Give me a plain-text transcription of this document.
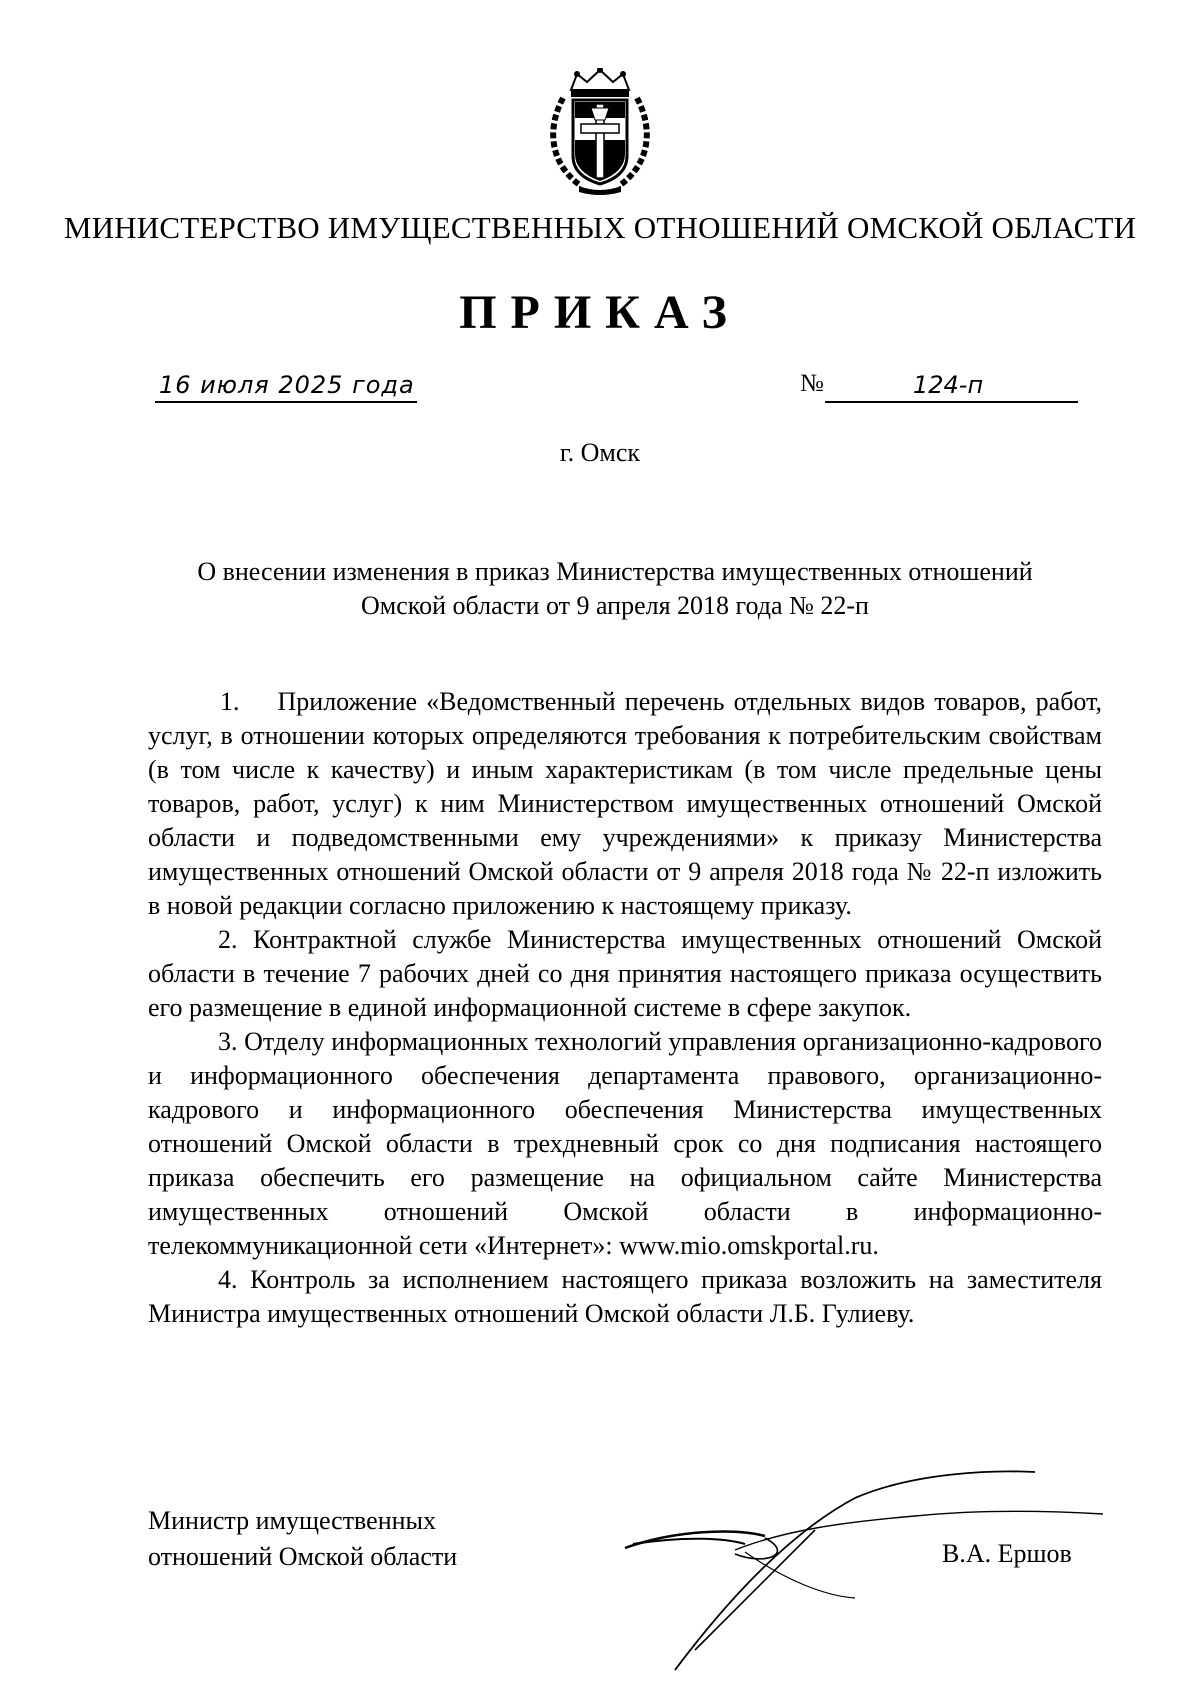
МИНИСТЕРСТВО ИМУЩЕСТВЕННЫХ ОТНОШЕНИЙ ОМСКОЙ ОБЛАСТИ
ПРИКАЗ
16 июля 2025 года	№	124-п
г. Омск
О внесении изменения в приказ Министерства имущественных отношений
Омской области от 9 апреля 2018 года № 22-п

1. Приложение «Ведомственный перечень отдельных видов товаров, работ, услуг, в отношении которых определяются требования к потребительским свойствам (в том числе к качеству) и иным характеристикам (в том числе предельные цены товаров, работ, услуг) к ним Министерством имущественных отношений Омской области и подведомственными ему учреждениями» к приказу Министерства имущественных отношений Омской области от 9 апреля 2018 года № 22-п изложить в новой редакции согласно приложению к настоящему приказу.

2. Контрактной службе Министерства имущественных отношений Омской области в течение 7 рабочих дней со дня принятия настоящего приказа осуществить его размещение в единой информационной системе в сфере закупок.

3. Отделу информационных технологий управления организационно-кадрового и информационного обеспечения департамента правового, организационно-кадрового и информационного обеспечения Министерства имущественных отношений Омской области в трехдневный срок со дня подписания настоящего приказа обеспечить его размещение на официальном сайте Министерства имущественных отношений Омской области в информационно-телекоммуникационной сети «Интернет»: www.mio.omskportal.ru.

4. Контроль за исполнением настоящего приказа возложить на заместителя Министра имущественных отношений Омской области Л.Б. Гулиеву.

Министр имущественных
отношений Омской области	В.А. Ершов
